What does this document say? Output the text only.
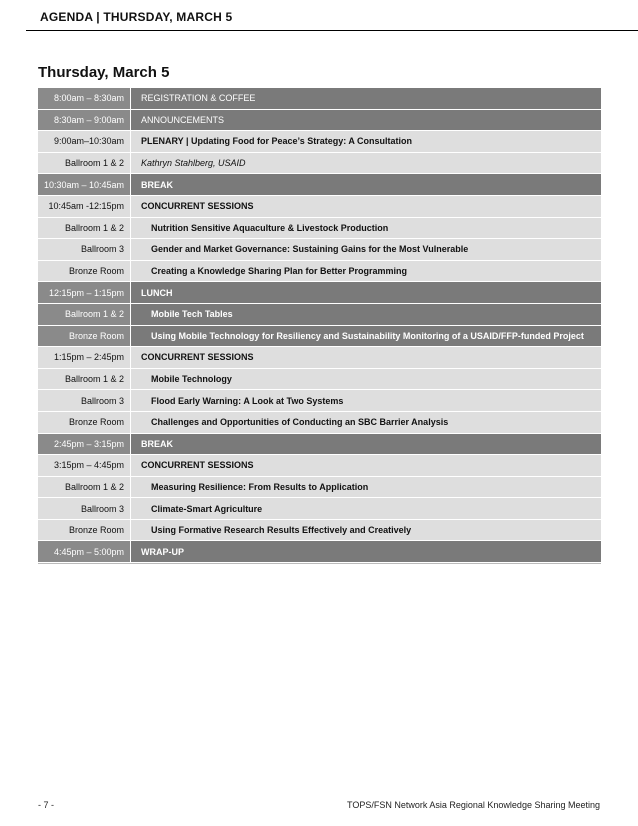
AGENDA | THURSDAY, MARCH 5
Thursday, March 5
8:00am – 8:30am	REGISTRATION & COFFEE
8:30am – 9:00am	ANNOUNCEMENTS
9:00am–10:30am	PLENARY | Updating Food for Peace’s Strategy: A Consultation
Ballroom 1 & 2	Kathryn Stahlberg, USAID
10:30am – 10:45am	BREAK
10:45am -12:15pm	CONCURRENT SESSIONS
Ballroom 1 & 2	Nutrition Sensitive Aquaculture & Livestock Production
Ballroom 3	Gender and Market Governance: Sustaining Gains for the Most Vulnerable
Bronze Room	Creating a Knowledge Sharing Plan for Better Programming
12:15pm – 1:15pm	LUNCH
Ballroom 1 & 2	Mobile Tech Tables
Bronze Room	Using Mobile Technology for Resiliency and Sustainability Monitoring of a USAID/FFP-funded Project
1:15pm – 2:45pm	CONCURRENT SESSIONS
Ballroom 1 & 2	Mobile Technology
Ballroom 3	Flood Early Warning: A Look at Two Systems
Bronze Room	Challenges and Opportunities of Conducting an SBC Barrier Analysis
2:45pm – 3:15pm	BREAK
3:15pm – 4:45pm	CONCURRENT SESSIONS
Ballroom 1 & 2	Measuring Resilience: From Results to Application
Ballroom 3	Climate-Smart Agriculture
Bronze Room	Using Formative Research Results Effectively and Creatively
4:45pm – 5:00pm	WRAP-UP
- 7 -	TOPS/FSN Network Asia Regional Knowledge Sharing Meeting
